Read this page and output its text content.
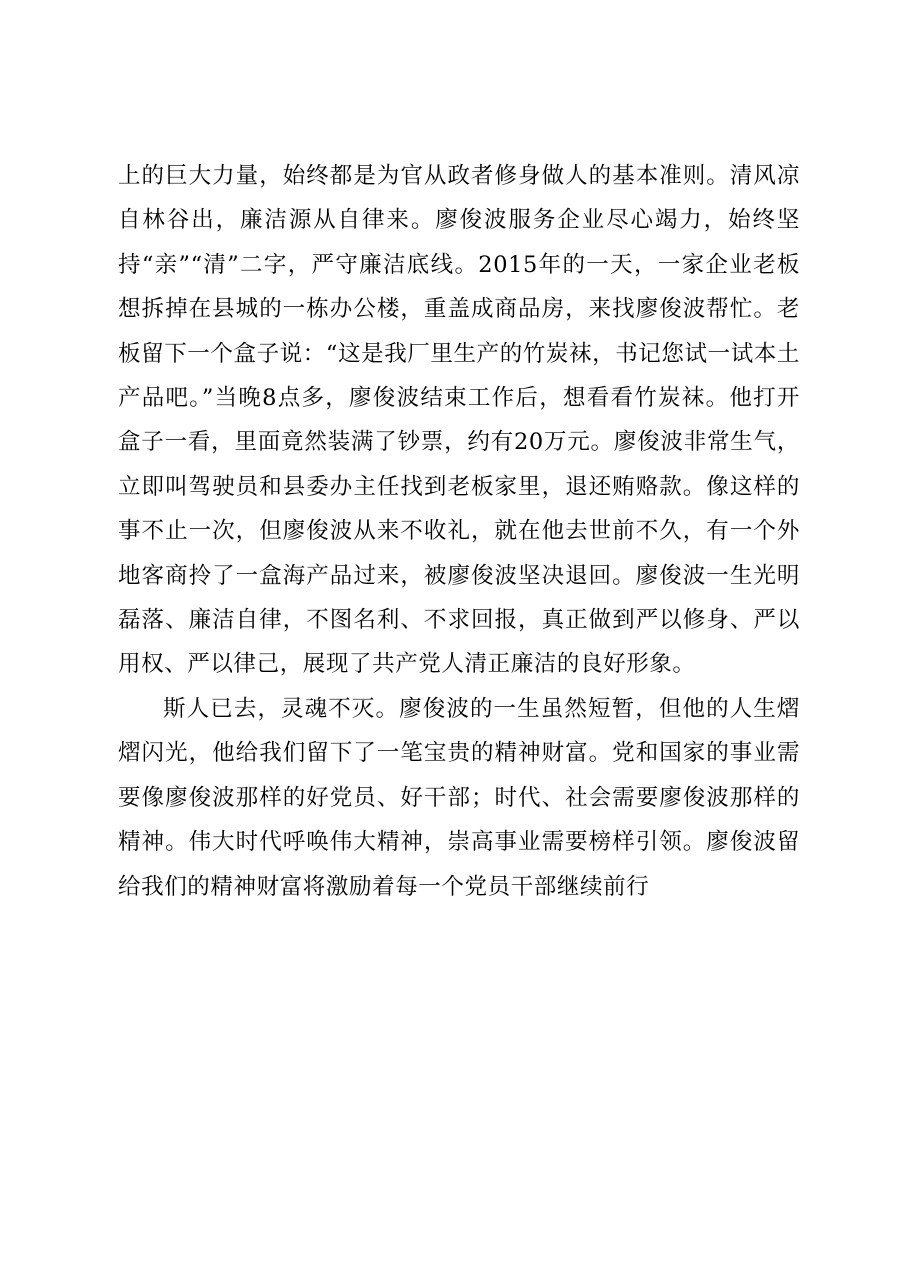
上的巨大力量，始终都是为官从政者修身做人的基本准则。清风凉自林谷出，廉洁源从自律来。廖俊波服务企业尽心竭力，始终坚持“亲”“清”二字，严守廉洁底线。2015年的一天，一家企业老板想拆掉在县城的一栋办公楼，重盖成商品房，来找廖俊波帮忙。老板留下一个盒子说：“这是我厂里生产的竹炭袜，书记您试一试本土产品吧。”当晚8点多，廖俊波结束工作后，想看看竹炭袜。他打开盒子一看，里面竟然装满了钞票，约有20万元。廖俊波非常生气，立即叫驾驶员和县委办主任找到老板家里，退还贿赂款。像这样的事不止一次，但廖俊波从来不收礼，就在他去世前不久，有一个外地客商拎了一盒海产品过来，被廖俊波坚决退回。廖俊波一生光明磊落、廉洁自律，不图名利、不求回报，真正做到严以修身、严以用权、严以律己，展现了共产党人清正廉洁的良好形象。

斯人已去，灵魂不灭。廖俊波的一生虽然短暂，但他的人生熠熠闪光，他给我们留下了一笔宝贵的精神财富。党和国家的事业需要像廖俊波那样的好党员、好干部；时代、社会需要廖俊波那样的精神。伟大时代呼唤伟大精神，崇高事业需要榜样引领。廖俊波留给我们的精神财富将激励着每一个党员干部继续前行
